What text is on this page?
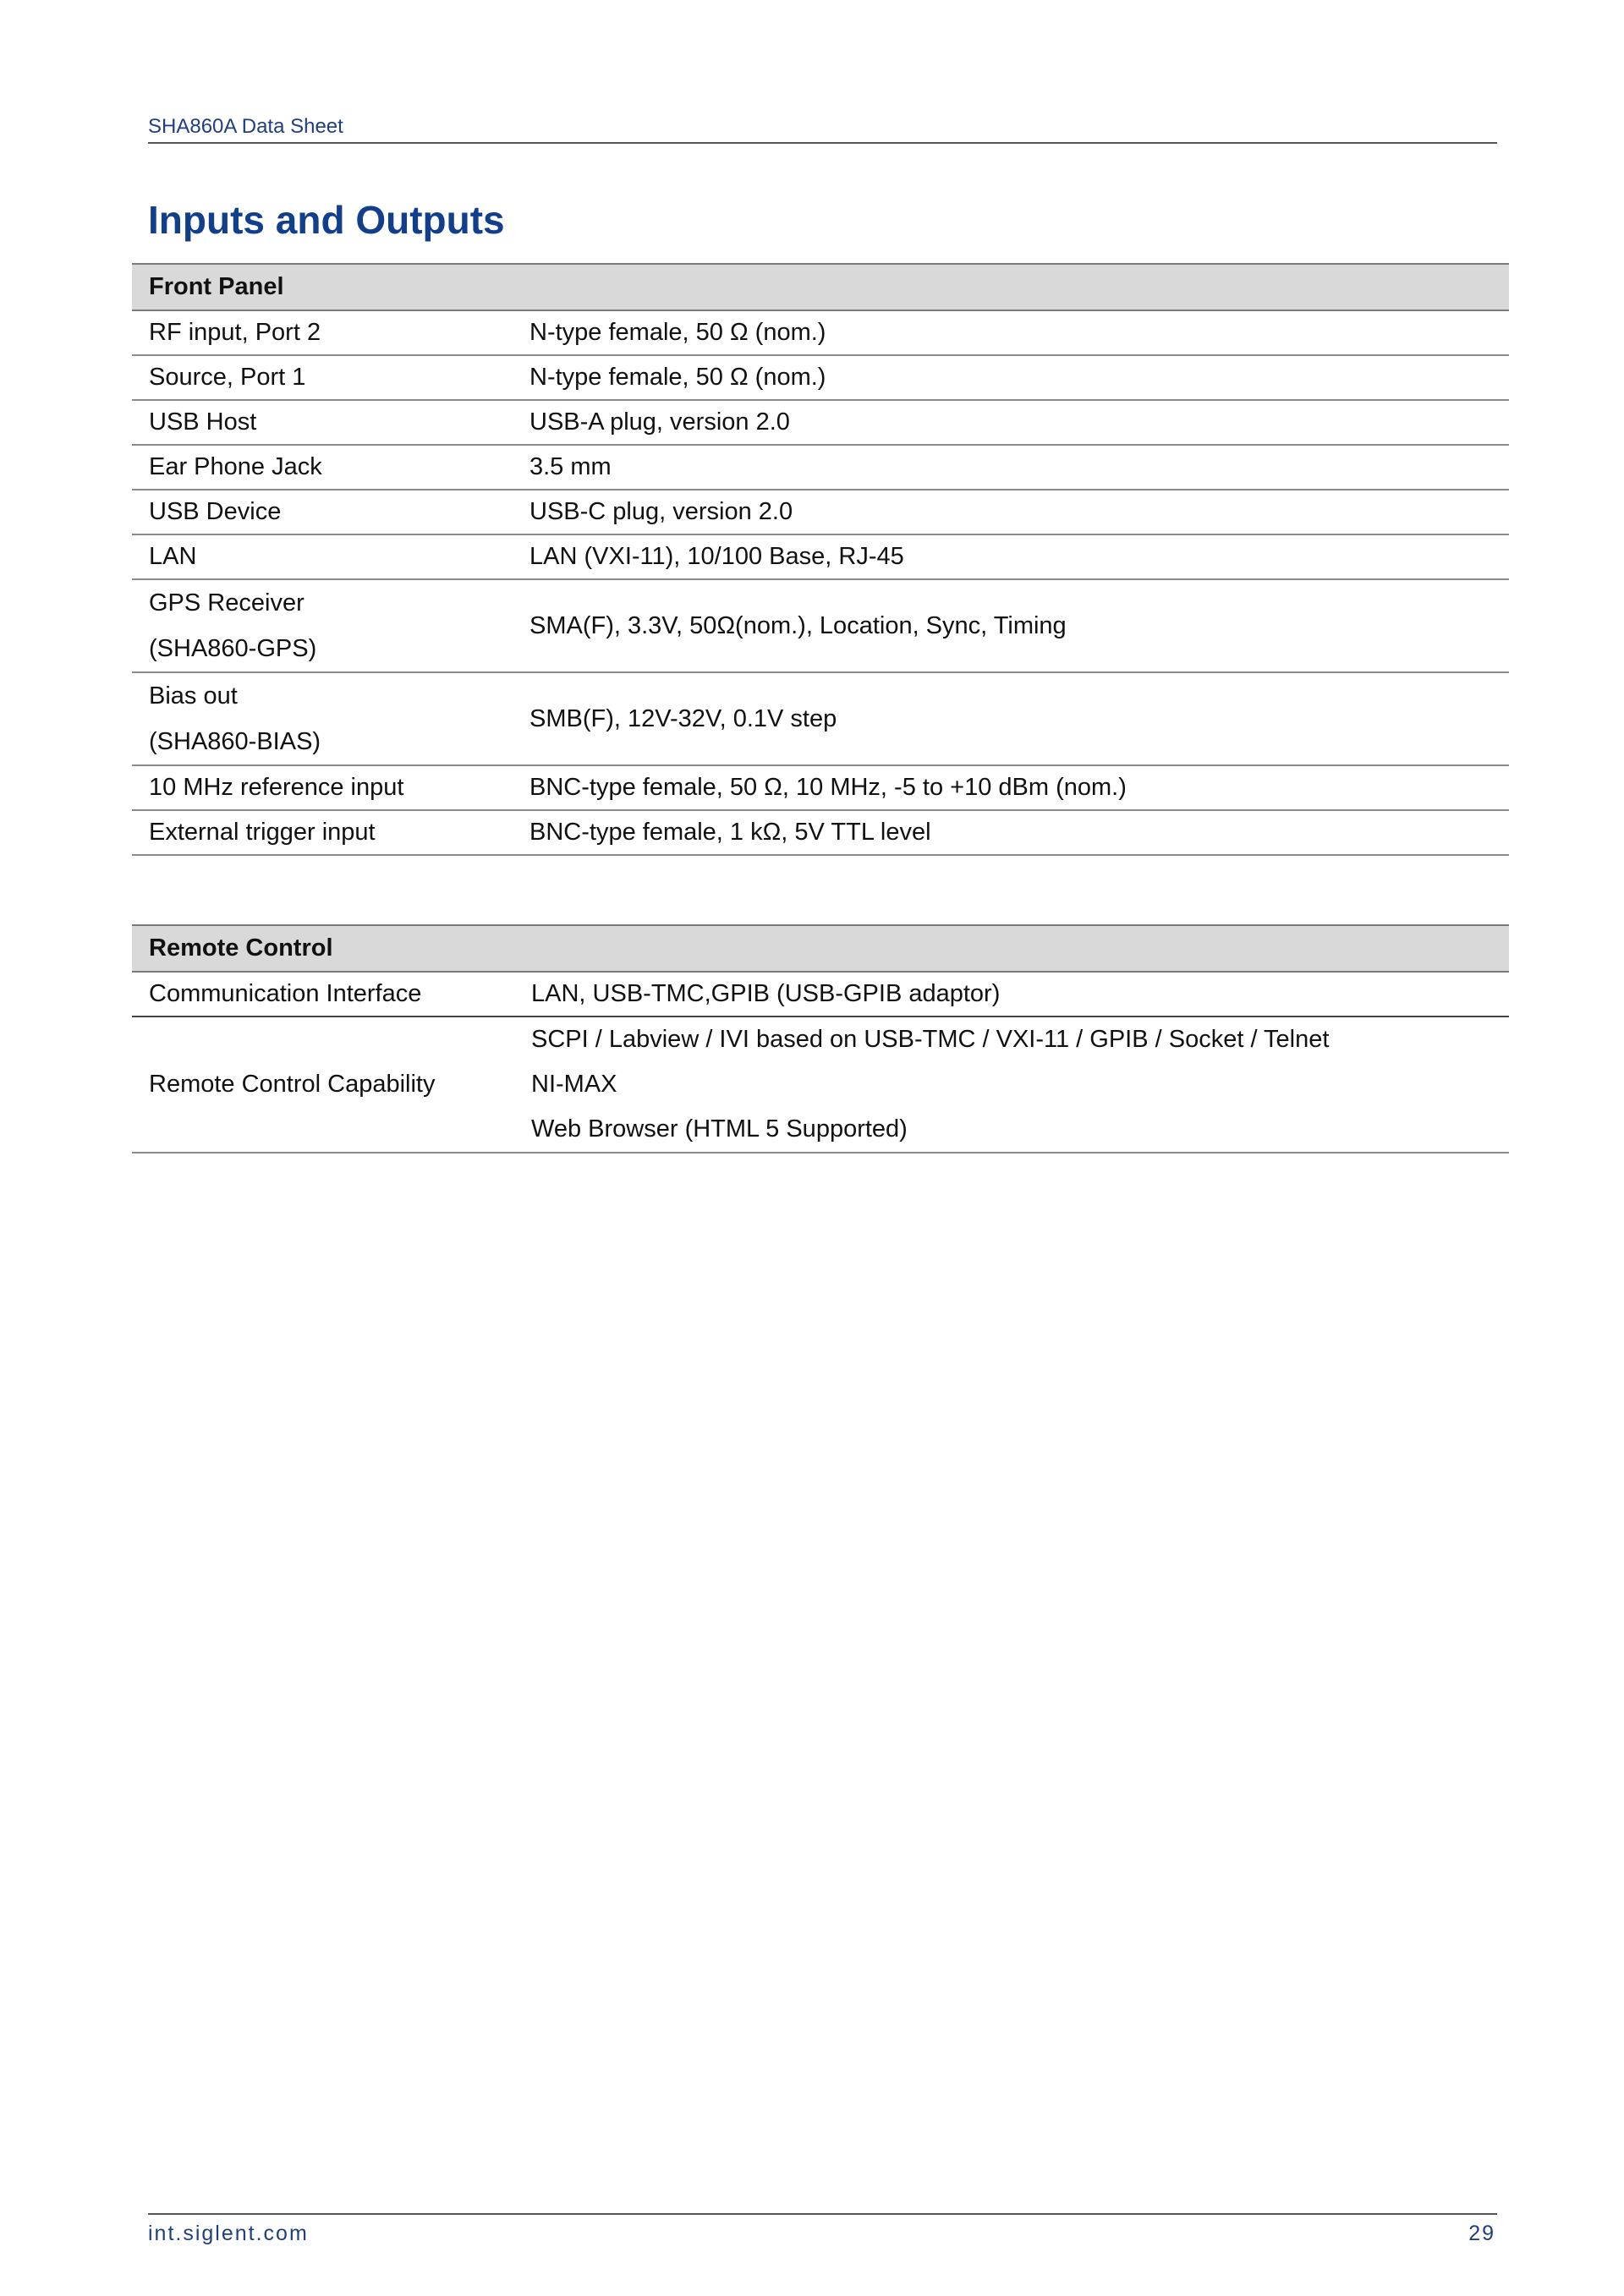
SHA860A Data Sheet
Inputs and Outputs
Front Panel	
RF input, Port 2	N-type female, 50 Ω (nom.)
Source, Port 1	N-type female, 50 Ω (nom.)
USB Host	USB-A plug, version 2.0
Ear Phone Jack	3.5 mm
USB Device	USB-C plug, version 2.0
LAN	LAN (VXI-11), 10/100 Base, RJ-45

GPS Receiver
(SHA860-GPS)	SMA(F), 3.3V, 50Ω(nom.), Location, Sync, Timing

Bias out
(SHA860-BIAS)	SMB(F), 12V-32V, 0.1V step
10 MHz reference input	BNC-type female, 50 Ω, 10 MHz, -5 to +10 dBm (nom.)
External trigger input	BNC-type female, 1 kΩ, 5V TTL level
Remote Control	
Communication Interface	LAN, USB-TMC,GPIB (USB-GPIB adaptor)
Remote Control Capability	SCPI / Labview / IVI based on USB-TMC / VXI-11 / GPIB / Socket / Telnet
NI-MAX
Web Browser (HTML 5 Supported)
int.siglent.com	29
